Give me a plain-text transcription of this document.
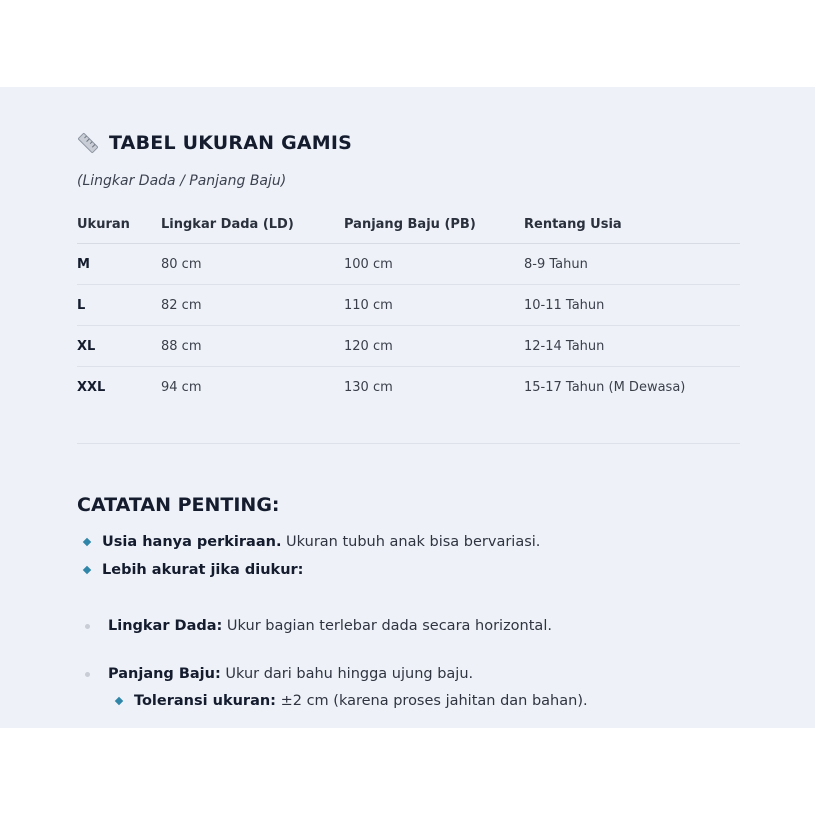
TABEL UKURAN GAMIS

(Lingkar Dada / Panjang Baju)

Ukuran	Lingkar Dada (LD)	Panjang Baju (PB)	Rentang Usia
M	80 cm	100 cm	8-9 Tahun
L	82 cm	110 cm	10-11 Tahun
XL	88 cm	120 cm	12-14 Tahun
XXL	94 cm	130 cm	15-17 Tahun (M Dewasa)
CATATAN PENTING:
Usia hanya perkiraan. Ukuran tubuh anak bisa bervariasi.
Lebih akurat jika diukur:
Lingkar Dada: Ukur bagian terlebar dada secara horizontal.
Panjang Baju: Ukur dari bahu hingga ujung baju.
Toleransi ukuran: ±2 cm (karena proses jahitan dan bahan).
